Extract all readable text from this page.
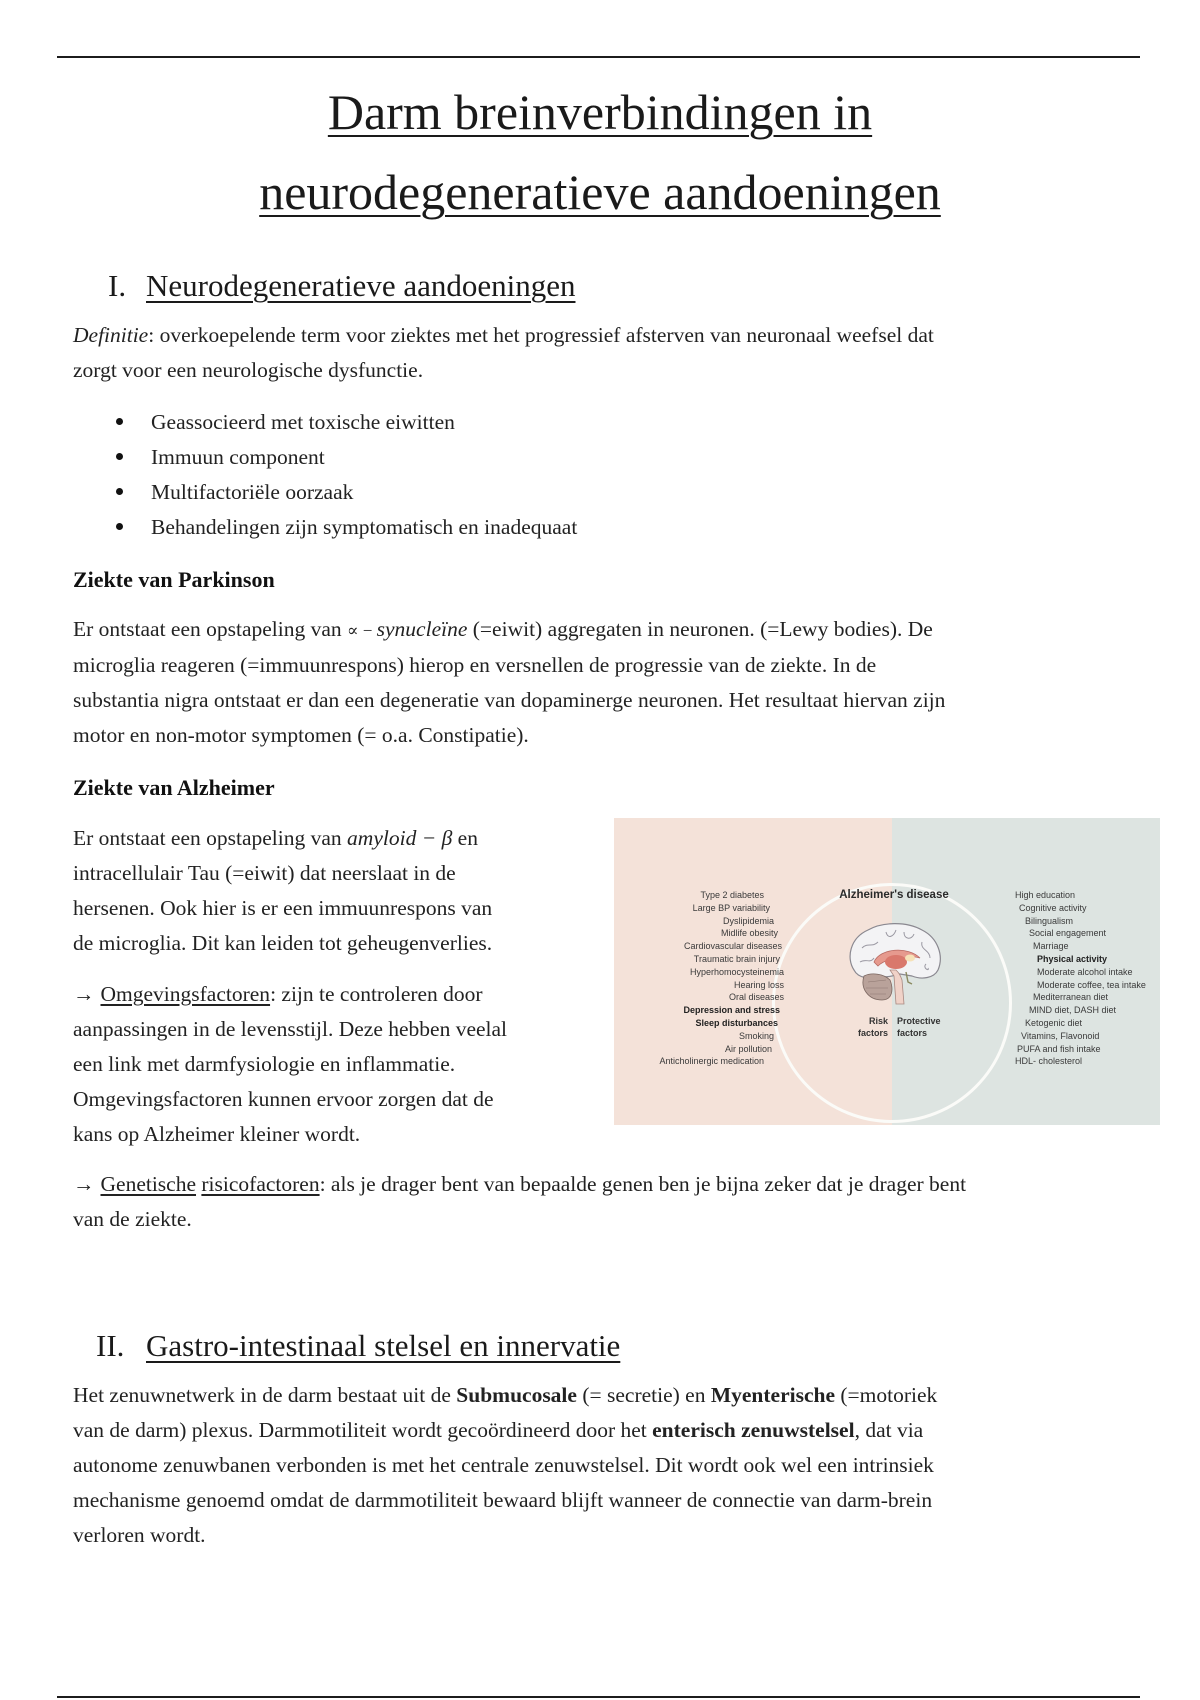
Darm breinverbindingen in
neurodegeneratieve aandoeningen
I. Neurodegeneratieve aandoeningen
Definitie: overkoepelende term voor ziektes met het progressief afsterven van neuronaal weefsel dat
zorgt voor een neurologische dysfunctie.
Geassocieerd met toxische eiwitten
Immuun component
Multifactoriële oorzaak
Behandelingen zijn symptomatisch en inadequaat
Ziekte van Parkinson
Er ontstaat een opstapeling van ∝ − synucleïne (=eiwit) aggregaten in neuronen. (=Lewy bodies). De
microglia reageren (=immuunrespons) hierop en versnellen de progressie van de ziekte. In de
substantia nigra ontstaat er dan een degeneratie van dopaminerge neuronen. Het resultaat hiervan zijn
motor en non-motor symptomen (= o.a. Constipatie).
Ziekte van Alzheimer
Er ontstaat een opstapeling van amyloid − β en
intracellulair Tau (=eiwit) dat neerslaat in de
hersenen. Ook hier is er een immuunrespons van
de microglia. Dit kan leiden tot geheugenverlies.
→ Omgevingsfactoren: zijn te controleren door
aanpassingen in de levensstijl. Deze hebben veelal
een link met darmfysiologie en inflammatie.
Omgevingsfactoren kunnen ervoor zorgen dat de
kans op Alzheimer kleiner wordt.
Alzheimer's disease
Risk
factors
Protective
factors
Type 2 diabetes
Large BP variability
Dyslipidemia
Midlife obesity
Cardiovascular diseases
Traumatic brain injury
Hyperhomocysteinemia
Hearing loss
Oral diseases
Depression and stress
Sleep disturbances
Smoking
Air pollution
Anticholinergic medication
High education
Cognitive activity
Bilingualism
Social engagement
Marriage
Physical activity
Moderate alcohol intake
Moderate coffee, tea intake
Mediterranean diet
MIND diet, DASH diet
Ketogenic diet
Vitamins, Flavonoid
PUFA and fish intake
HDL- cholesterol
→ Genetische risicofactoren: als je drager bent van bepaalde genen ben je bijna zeker dat je drager bent
van de ziekte.
II. Gastro-intestinaal stelsel en innervatie
Het zenuwnetwerk in de darm bestaat uit de Submucosale (= secretie) en Myenterische (=motoriek
van de darm) plexus. Darmmotiliteit wordt gecoördineerd door het enterisch zenuwstelsel, dat via
autonome zenuwbanen verbonden is met het centrale zenuwstelsel. Dit wordt ook wel een intrinsiek
mechanisme genoemd omdat de darmmotiliteit bewaard blijft wanneer de connectie van darm-brein
verloren wordt.
